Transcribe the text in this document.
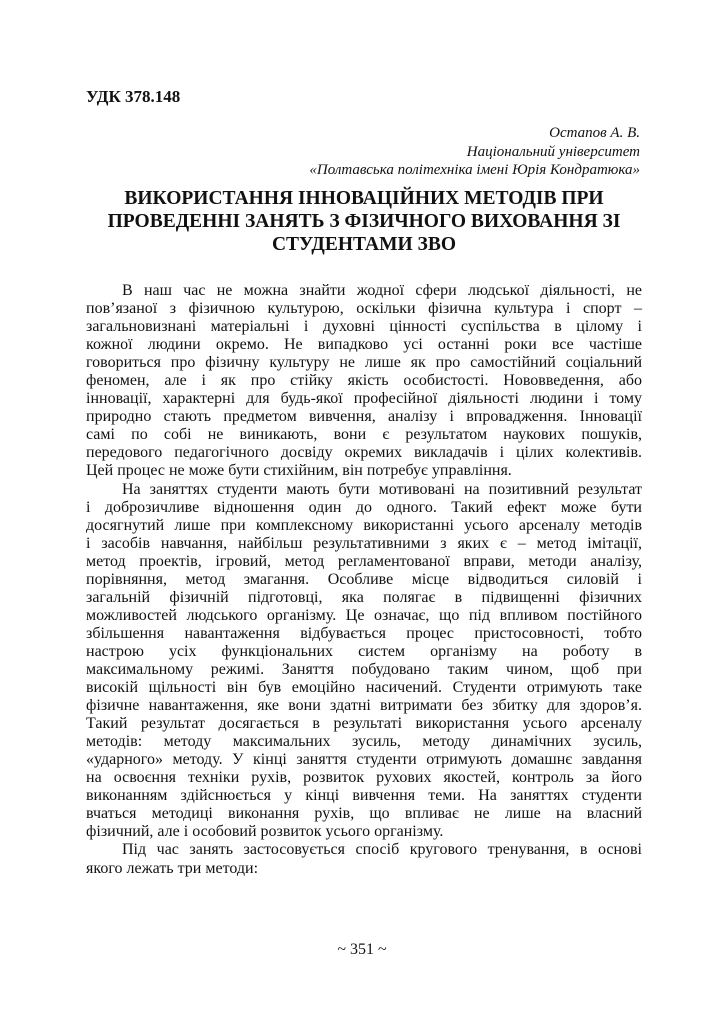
УДК 378.148
Остапов А. В.
Національний університет
«Полтавська політехніка імені Юрія Кондратюка»
ВИКОРИСТАННЯ ІННОВАЦІЙНИХ МЕТОДІВ ПРИ
ПРОВЕДЕННІ ЗАНЯТЬ З ФІЗИЧНОГО ВИХОВАННЯ ЗІ
СТУДЕНТАМИ ЗВО
В наш час не можна знайти жодної сфери людської діяльності, не
пов’язаної з фізичною культурою, оскільки фізична культура і спорт –
загальновизнані матеріальні і духовні цінності суспільства в цілому і
кожної людини окремо. Не випадково усі останні роки все частіше
говориться про фізичну культуру не лише як про самостійний соціальний
феномен, але і як про стійку якість особистості. Нововведення, або
інновації, характерні для будь-якої професійної діяльності людини і тому
природно стають предметом вивчення, аналізу і впровадження. Інновації
самі по собі не виникають, вони є результатом наукових пошуків,
передового педагогічного досвіду окремих викладачів і цілих колективів.
Цей процес не може бути стихійним, він потребує управління.
На заняттях студенти мають бути мотивовані на позитивний результат
і доброзичливе відношення один до одного. Такий ефект може бути
досягнутий лише при комплексному використанні усього арсеналу методів
і засобів навчання, найбільш результативними з яких є – метод імітації,
метод проектів, ігровий, метод регламентованої вправи, методи аналізу,
порівняння, метод змагання. Особливе місце відводиться силовій і
загальній фізичній підготовці, яка полягає в підвищенні фізичних
можливостей людського організму. Це означає, що під впливом постійного
збільшення навантаження відбувається процес пристосовності, тобто
настрою усіх функціональних систем організму на роботу в
максимальному режимі. Заняття побудовано таким чином, щоб при
високій щільності він був емоційно насичений. Студенти отримують таке
фізичне навантаження, яке вони здатні витримати без збитку для здоров’я.
Такий результат досягається в результаті використання усього арсеналу
методів: методу максимальних зусиль, методу динамічних зусиль,
«ударного» методу. У кінці заняття студенти отримують домашнє завдання
на освоєння техніки рухів, розвиток рухових якостей, контроль за його
виконанням здійснюється у кінці вивчення теми. На заняттях студенти
вчаться методиці виконання рухів, що впливає не лише на власний
фізичний, але і особовий розвиток усього організму.
Під час занять застосовується спосіб кругового тренування, в основі
якого лежать три методи:
~ 351 ~
